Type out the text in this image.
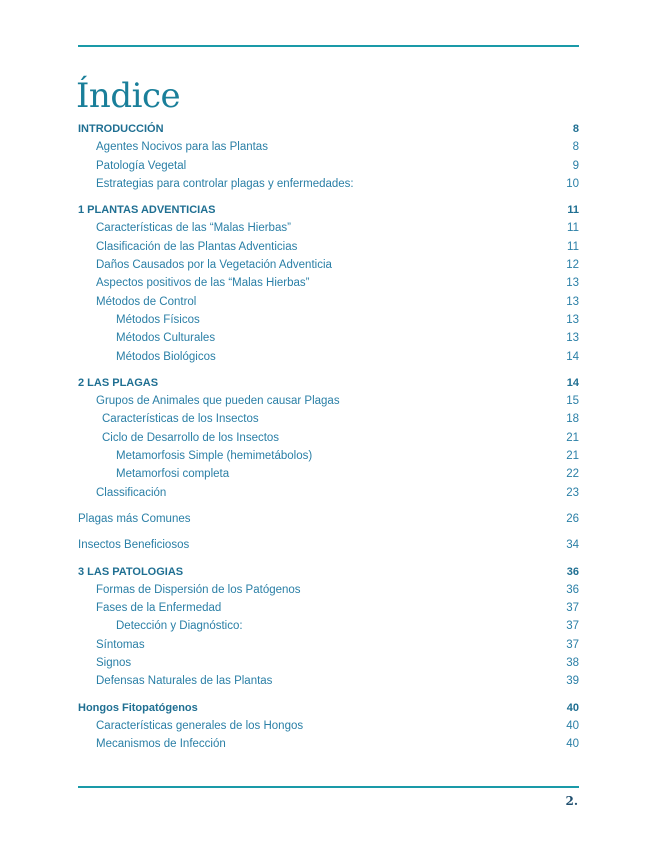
Índice
INTRODUCCIÓN	8
Agentes Nocivos para las Plantas	8
Patología Vegetal	9
Estrategias para controlar plagas y enfermedades:	10
1 PLANTAS ADVENTICIAS	11
Características de las “Malas Hierbas”	11
Clasificación de las Plantas Adventicias	11
Daños Causados por la Vegetación Adventicia	12
Aspectos positivos de las “Malas Hierbas”	13
Métodos de Control	13
Métodos Físicos	13
Métodos Culturales	13
Métodos Biológicos	14
2 LAS PLAGAS	14
Grupos de Animales que pueden causar Plagas	15
Características de los Insectos	18
Ciclo de Desarrollo de los Insectos	21
Metamorfosis Simple (hemimetábolos)	21
Metamorfosi completa	22
Classificación	23
Plagas más Comunes	26
Insectos Beneficiosos	34
3 LAS PATOLOGIAS	36
Formas de Dispersión de los Patógenos	36
Fases de la Enfermedad	37
Detección y Diagnóstico:	37
Síntomas	37
Signos	38
Defensas Naturales de las Plantas	39
Hongos Fitopatógenos	40
Características generales de los Hongos	40
Mecanismos de Infección	40
2.
